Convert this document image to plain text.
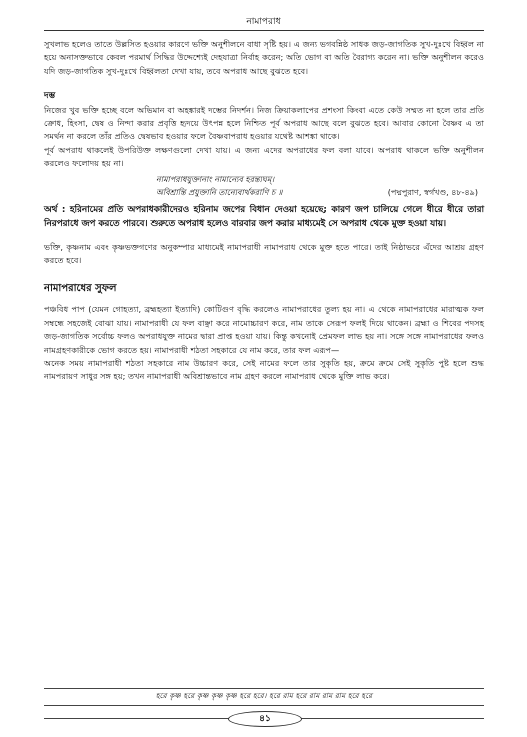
নামাপরাধ

সুখলাভ হলেও তাতে উল্লসিত হওয়ার কারণে ভক্তি অনুশীলনে বাধা সৃষ্টি হয়। এ জন্য ভগবন্নিষ্ঠ সাধক জড়-জাগতিক সুখ-দুঃখে বিহ্বল না হয়ে অনাসক্তভাবে কেবল পরমার্থ সিদ্ধির উদ্দেশ্যেই দেহযাত্রা নির্বাহ করেন; অতি ভোগ বা অতি বৈরাগ্য করেন না। ভক্তি অনুশীলন করেও যদি জড়-জাগতিক সুখ-দুঃখে বিহ্বলতা দেখা যায়, তবে অপরাধ আছে বুঝতে হবে।

দম্ভ

নিজের খুব ভক্তি হচ্ছে বলে অভিমান বা অহঙ্কারই দম্ভের নিদর্শন। নিজ ক্রিয়াকলাপের প্রশংসা কিংবা এতে কেউ সম্মত না হলে তার প্রতি ক্রোধ, হিংসা, দ্বেষ ও নিন্দা করার প্রবৃত্তি হৃদয়ে উৎপন্ন হলে নিশ্চিত পূর্ব অপরাধ আছে বলে বুঝতে হবে। আবার কোনো বৈষ্ণব এ তা সমর্থন না করলে তাঁর প্রতিও দ্বেষভাব হওয়ার ফলে বৈষ্ণবাপরাধ হওয়ার যথেষ্ট আশঙ্কা থাকে।

পূর্ব অপরাধ থাকলেই উপরিউক্ত লক্ষণগুলো দেখা যায়। এ জন্য এদের অপরাধের ফল বলা যাবে। অপরাধ থাকলে ভক্তি অনুশীলন করলেও ফলোদয় হয় না।

নামাপরাধযুক্তানাং নামান্যেব হরন্ত্যঘম্।
অবিশ্রান্তি প্রযুক্তানি তান্যেবার্থকরাণি চ ॥	(পদ্মপুরাণ, স্বর্গখণ্ড, ৪৮-৪৯)

অর্থ : হরিনামের প্রতি অপরাধকারীদেরও হরিনাম জপের বিধান দেওয়া হয়েছে; কারণ জপ চালিয়ে গেলে ধীরে ধীরে তারা নিরপরাধে জপ করতে পারবে। শুরুতে অপরাধ হলেও বারবার জপ করার মাধ্যমেই সে অপরাধ থেকে মুক্ত হওয়া যায়।

ভক্তি, কৃষ্ণনাম এবং কৃষ্ণভক্তগণের অনুকম্পার মাধ্যমেই নামাপরাধী নামাপরাধ থেকে মুক্ত হতে পারে। তাই নিষ্ঠাভরে এঁদের আশ্রয় গ্রহণ করতে হবে।

নামাপরাধের সুফল

পঞ্চবিধ পাপ (যেমন গোহত্যা, ব্রহ্মহত্যা ইত্যাদি) কোটিগুণ বৃদ্ধি করলেও নামাপরাধের তুল্য হয় না। এ থেকে নামাপরাধের মারাত্মক ফল সম্বন্ধে সহজেই বোঝা যায়। নামাপরাধী যে ফল বাঞ্ছা করে নামোচ্চারণ করে, নাম তাকে সেরূপ ফলই দিয়ে থাকেন। ব্রহ্মা ও শিবের পদসহ জড়-জাগতিক সর্বোচ্চ ফলও অপরাধযুক্ত নামের দ্বারা প্রাপ্ত হওয়া যায়। কিন্তু কখনোই প্রেমফল লাভ হয় না। সঙ্গে সঙ্গে নামাপরাধের ফলও নামগ্রহণকারীকে ভোগ করতে হয়। নামাপরাধী শঠতা সহকারে যে নাম করে, তার ফল এরূপ—

অনেক সময় নামাপরাধী শঠতা সহকারে নাম উচ্চারণ করে, সেই নামের ফলে তার সুকৃতি হয়, ক্রমে ক্রমে সেই সুকৃতি পুষ্ট হলে শুদ্ধ নামপরায়ণ সাধুর সঙ্গ হয়; তখন নামাপরাধী অবিশ্রান্তভাবে নাম গ্রহণ করলে নামাপরাধ থেকে মুক্তি লাভ করে।

হরে কৃষ্ণ হরে কৃষ্ণ কৃষ্ণ কৃষ্ণ হরে হরে। হরে রাম হরে রাম রাম রাম হরে হরে
৪১
